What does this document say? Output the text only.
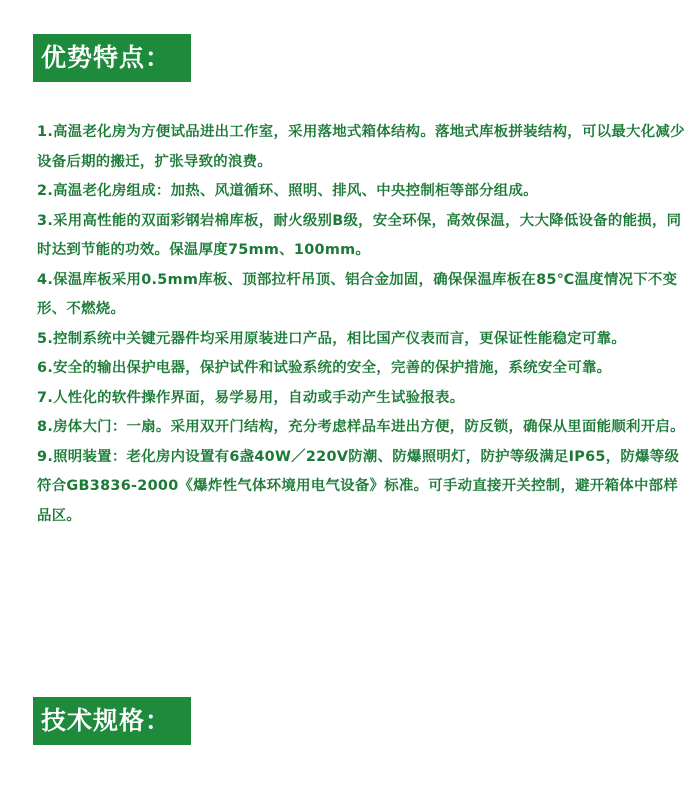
优势特点：
1.高温老化房为方便试品进出工作室，采用落地式箱体结构。落地式库板拼装结构，可以最大化减少设备后期的搬迁，扩张导致的浪费。
2.高温老化房组成：加热、风道循环、照明、排风、中央控制柜等部分组成。
3.采用高性能的双面彩钢岩棉库板，耐火级别B级，安全环保，高效保温，大大降低设备的能损，同时达到节能的功效。保温厚度75mm、100mm。
4.保温库板采用0.5mm库板、顶部拉杆吊顶、铝合金加固，确保保温库板在85℃温度情况下不变形、不燃烧。
5.控制系统中关键元器件均采用原装进口产品，相比国产仪表而言，更保证性能稳定可靠。
6.安全的输出保护电器，保护试件和试验系统的安全，完善的保护措施，系统安全可靠。
7.人性化的软件操作界面，易学易用，自动或手动产生试验报表。
8.房体大门：一扇。采用双开门结构，充分考虑样品车进出方便，防反锁，确保从里面能顺利开启。
9.照明装置：老化房内设置有6盏40W／220V防潮、防爆照明灯，防护等级满足IP65，防爆等级符合GB3836-2000《爆炸性气体环境用电气设备》标准。可手动直接开关控制，避开箱体中部样品区。
技术规格：
